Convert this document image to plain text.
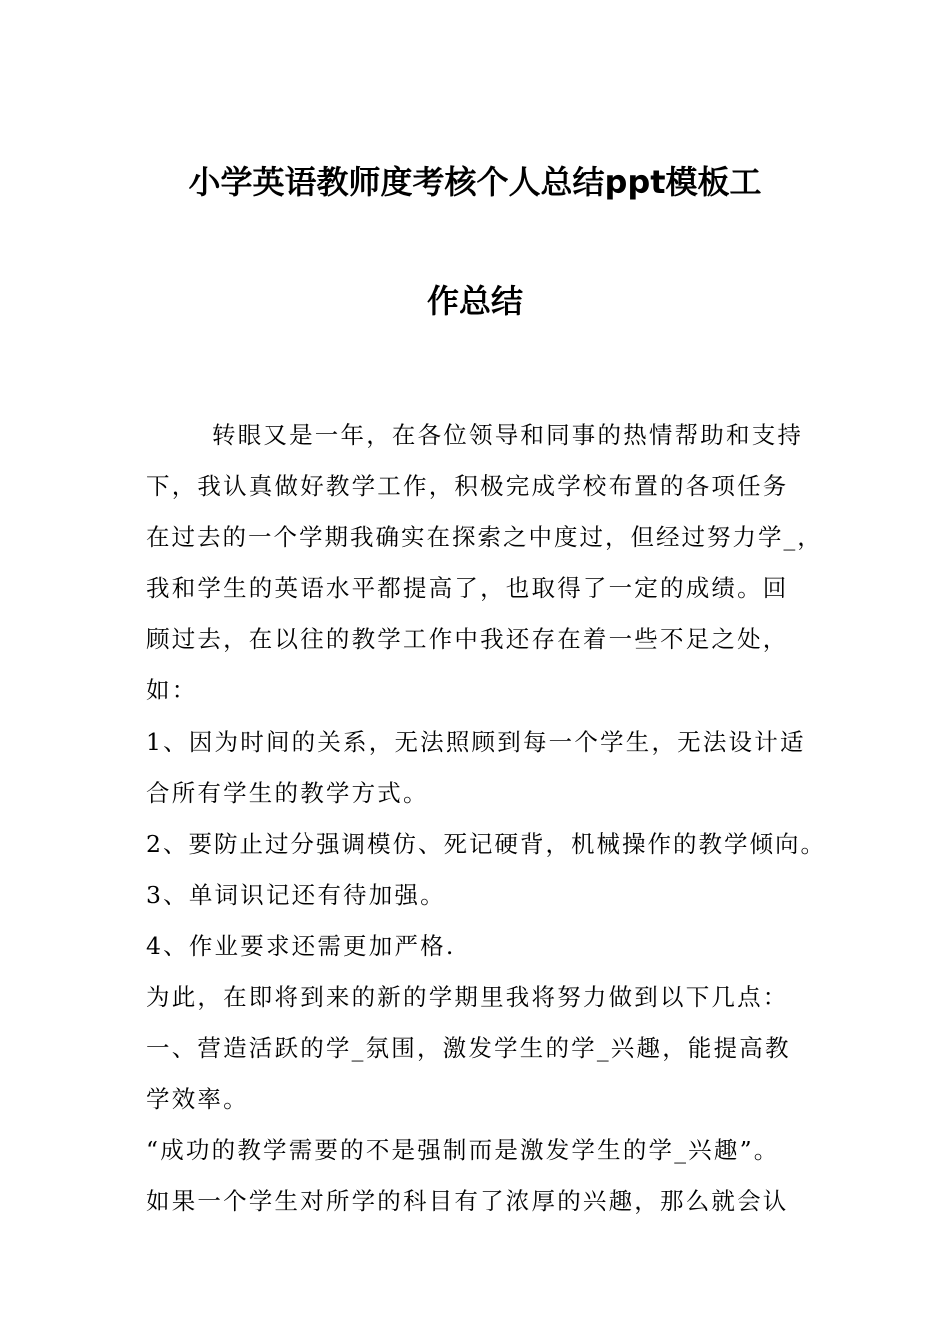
小学英语教师度考核个人总结ppt模板工
作总结
转眼又是一年，在各位领导和同事的热情帮助和支持
下，我认真做好教学工作，积极完成学校布置的各项任务
在过去的一个学期我确实在探索之中度过，但经过努力学_，
我和学生的英语水平都提高了，也取得了一定的成绩。回
顾过去，在以往的教学工作中我还存在着一些不足之处，
如：
1、因为时间的关系，无法照顾到每一个学生，无法设计适
合所有学生的教学方式。
2、要防止过分强调模仿、死记硬背，机械操作的教学倾向。
3、单词识记还有待加强。
4、作业要求还需更加严格.
为此，在即将到来的新的学期里我将努力做到以下几点：
一、营造活跃的学_氛围，激发学生的学_兴趣，能提高教
学效率。
“成功的教学需要的不是强制而是激发学生的学_兴趣”。
如果一个学生对所学的科目有了浓厚的兴趣，那么就会认
